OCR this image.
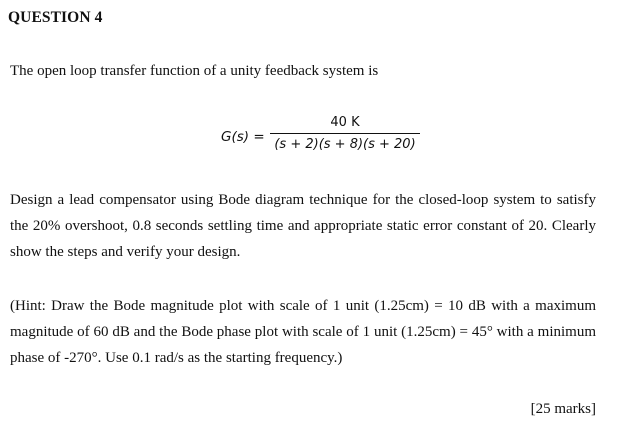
QUESTION 4
The open loop transfer function of a unity feedback system is
G(s) =
40 K
(s + 2)(s + 8)(s + 20)

Design a lead compensator using Bode diagram technique for the closed-loop system to satisfy the 20% overshoot, 0.8 seconds settling time and appropriate static error constant of 20. Clearly show the steps and verify your design.

(Hint: Draw the Bode magnitude plot with scale of 1 unit (1.25cm) = 10 dB with a maximum magnitude of 60 dB and the Bode phase plot with scale of 1 unit (1.25cm) = 45° with a minimum phase of -270°. Use 0.1 rad/s as the starting frequency.)

[25 marks]
